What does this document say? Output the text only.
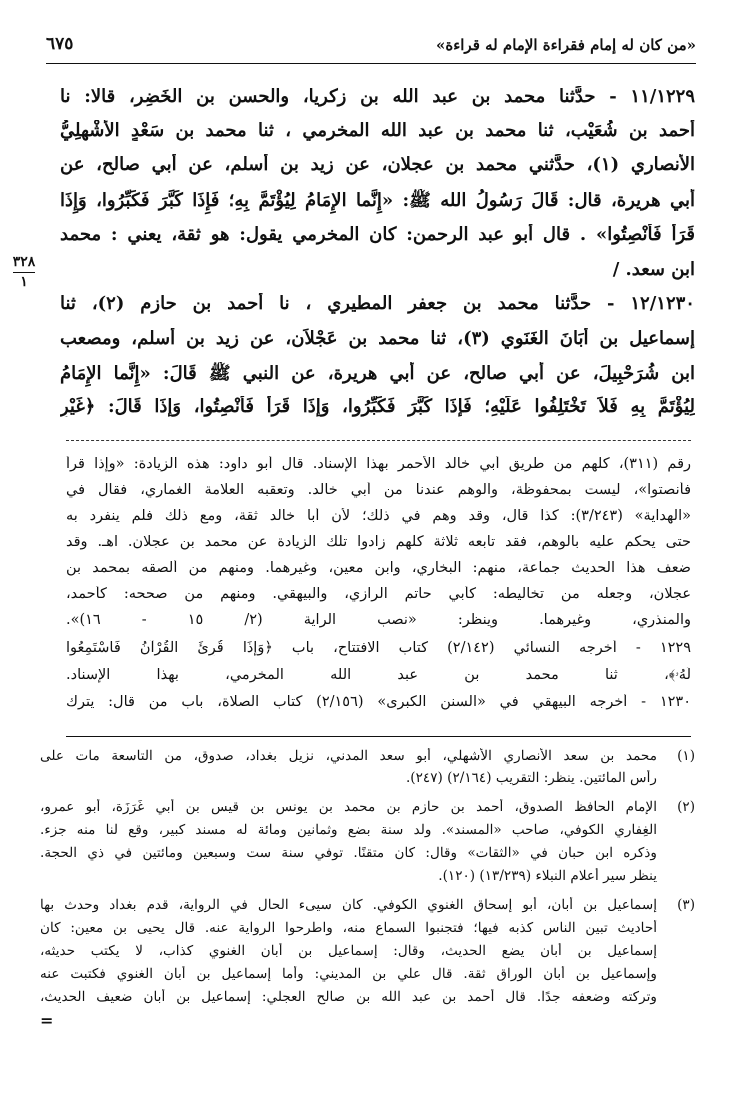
«من كان له إمام فقراءة الإمام له قراءة»
٦٧٥
١١/١٢٢٩ - حدَّثنا محمد بن عبد الله بن زكريا، والحسن بن الخَضِر، قالا: نا
أحمد بن شُعَيْب، ثنا محمد بن عبد الله المخرمي ، ثنا محمد بن سَعْدٍ الأَشْهلِيُّ
الأنصاري (١)، حدَّثني محمد بن عجلان، عن زيد بن أسلم، عن أبي صالح، عن
أبي هريرة، قال: قَالَ رَسُولُ الله ﷺ: «إِنَّما الإِمَامُ لِيُؤْتَمَّ بِهِ؛ فَإِذَا كَبَّرَ فَكَبِّرُوا، وَإِذَا
قَرَأَ فَأَنْصِتُوا» . قال أبو عبد الرحمن: كان المخرمي يقول: هو ثقة، يعني : محمد
ابن سعد. /
١٢/١٢٣٠ - حدَّثنا محمد بن جعفر المطيري ، نا أحمد بن حازم (٢)، ثنا
إسماعيل بن أَبَانَ الغَنَوي (٣)، ثنا محمد بن عَجْلاَن، عن زيد بن أسلم، ومصعب
ابن شُرَحْبِيلَ، عن أبي صالح، عن أبي هريرة، عن النبي ﷺ قَالَ: «إِنَّما الإِمَامُ
لِيُؤْتَمَّ بِهِ فَلاَ تَخْتَلِفُوا عَلَيْهِ؛ فَإِذَا كَبَّرَ فَكَبِّرُوا، وَإِذَا قَرَأَ فَأَنْصِتُوا، وَإِذَا قَالَ: ﴿غَيْرِ
٣٢٨
١
رقم (٣١١)، كلهم من طريق أبي خالد الأحمر بهذا الإسناد. قال أبو داود: هذه الزيادة: «وإذا قرأ
فأنصتوا»، ليست بمحفوظة، والوهم عندنا من أبي خالد. وتعقبه العلامة الغماري، فقال في
«الهداية» (٣/٢٤٣): كذا قال، وقد وهم في ذلك؛ لأن أبا خالد ثقة، ومع ذلك فلم ينفرد به
حتى يحكم عليه بالوهم، فقد تابعه ثلاثة كلهم زادوا تلك الزيادة عن محمد بن عجلان. اهـ. وقد
ضعف هذا الحديث جماعة، منهم: البخاري، وابن معين، وغيرهما. ومنهم من ألصقه بمحمد بن
عجلان، وجعله من تخاليطه: كأبي حاتم الرازي، والبيهقي. ومنهم من صححه: كأحمد،
والمنذري، وغيرهما. وينظر: «نصب الراية (٢/ ١٥ - ١٦)».
١٢٢٩ - أخرجه النسائي (٢/١٤٢) كتاب الافتتاح، باب ﴿وَإِذَا قُرِئَ الْقُرْآنُ فَاسْتَمِعُوا
لَهُۥ﴾، ثنا محمد بن عبد الله المخرمي، بهذا الإسناد.
١٢٣٠ - أخرجه البيهقي في «السنن الكبرى» (٢/١٥٦) كتاب الصلاة، باب من قال: يترك
(١)
محمد بن سعد الأنصاري الأشهلي، أبو سعد المدني، نزيل بغداد، صدوق، من التاسعة مات على
رأس المائتين. ينظر: التقريب (٢/١٦٤) (٢٤٧).
(٢)
الإمام الحافظ الصدوق، أحمد بن حازم بن محمد بن يونس بن قيس بن أبي غَرَزَة، أبو عمرو،
الغِفاري الكوفي، صاحب «المسند». ولد سنة بضع وثمانين ومائة له مسند كبير، وقع لنا منه جزء.
وذكره ابن حبان في «الثقات» وقال: كان متقنًا. توفي سنة ست وسبعين ومائتين في ذي الحجة.
ينظر سير أعلام النبلاء (١٣/٢٣٩) (١٢٠).
(٣)
إسماعيل بن أبان، أبو إسحاق الغنوي الكوفي. كان سيىء الحال في الرواية، قدم بغداد وحدث بها
أحاديث تبين الناس كذبه فيها؛ فتجنبوا السماع منه، واطرحوا الرواية عنه. قال يحيى بن معين: كان
إسماعيل بن أبان يضع الحديث، وقال: إسماعيل بن أبان الغنوي كذاب، لا يكتب حديثه،
وإسماعيل بن أبان الوراق ثقة. قال علي بن المديني: وأما إسماعيل بن أبان الغنوي فكتبت عنه
وتركته وضعفه جدًا. قال أحمد بن عبد الله بن صالح العجلي: إسماعيل بن أبان ضعيف الحديث،
=
